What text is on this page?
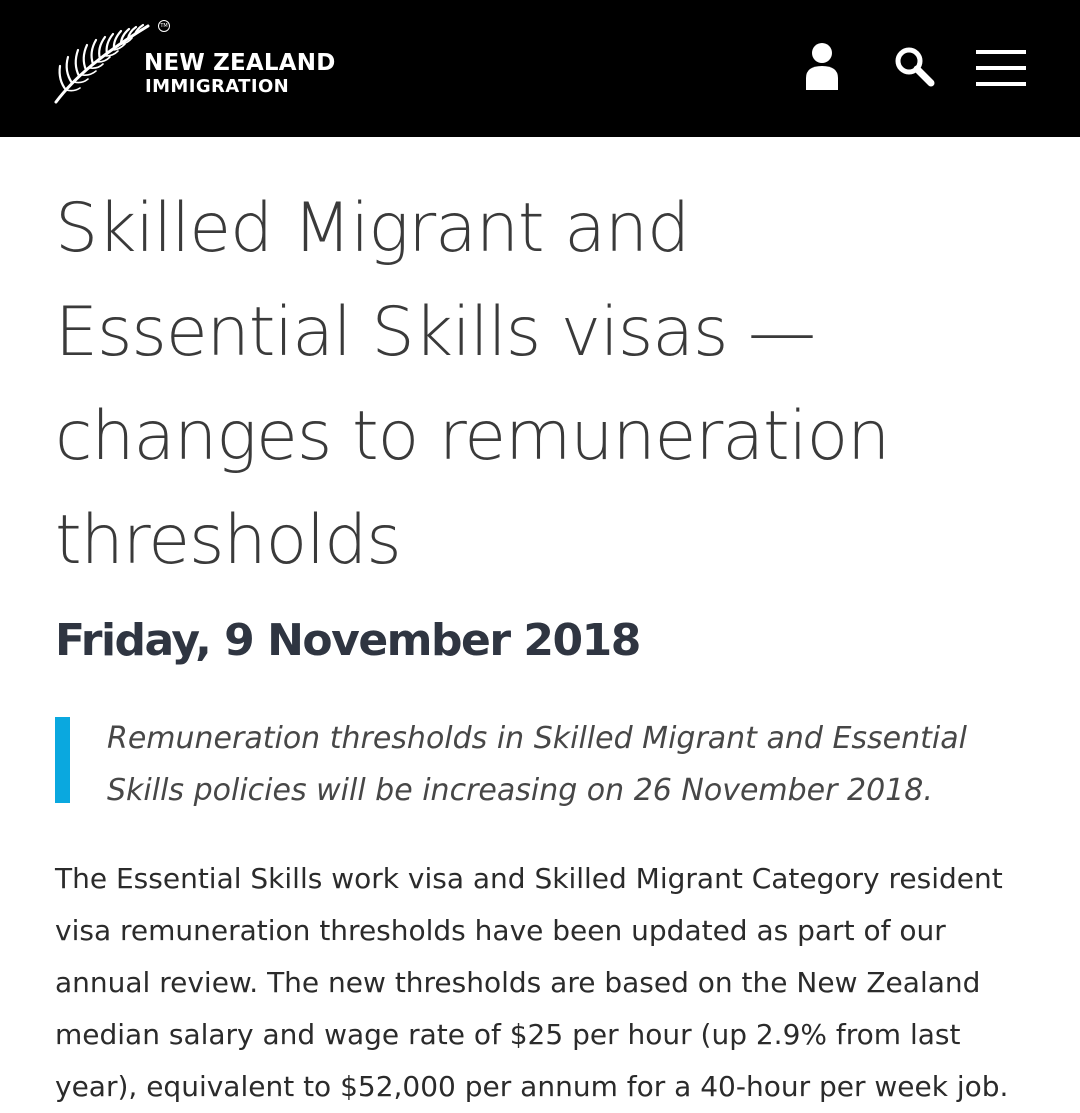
TM
NEW ZEALAND
IMMIGRATION
Skilled Migrant and Essential Skills visas — changes to remuneration thresholds
Friday, 9 November 2018
Remuneration thresholds in Skilled Migrant and Essential Skills policies will be increasing on 26 November 2018.

The Essential Skills work visa and Skilled Migrant Category resident visa remuneration thresholds have been updated as part of our annual review. The new thresholds are based on the New Zealand median salary and wage rate of $25 per hour (up 2.9% from last year), equivalent to $52,000 per annum for a 40-hour per week job.
